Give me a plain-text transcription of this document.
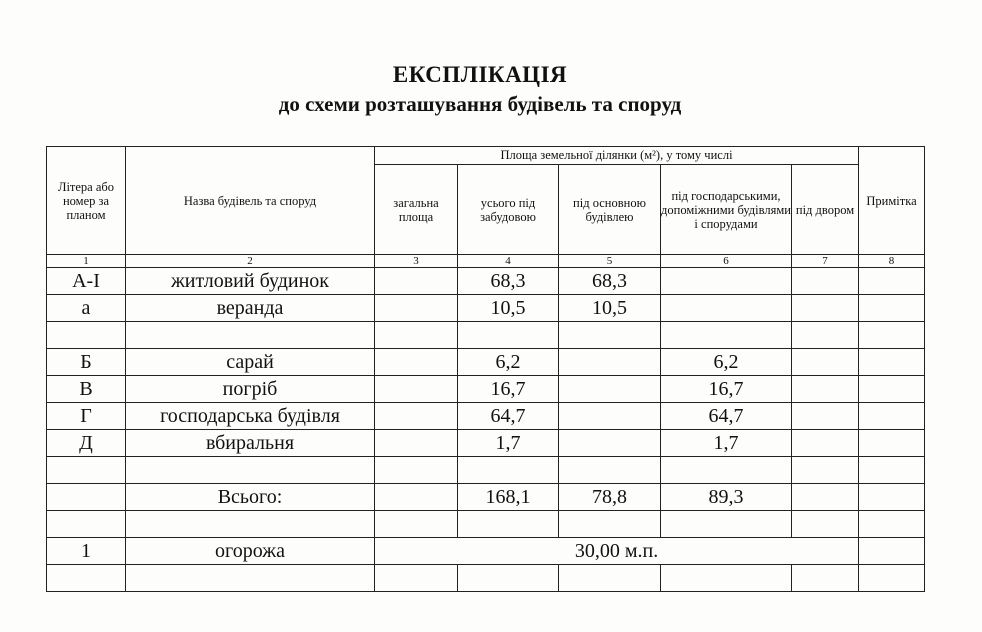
ЕКСПЛІКАЦІЯ
до схеми розташування будівель та споруд
Літера або номер за планом	Назва будівель та споруд	Площа земельної ділянки (м²), у тому числі					Примітка
		загальна площа	усього під забудовою	під основною будівлею	під господарськими, допоміжними будівлями і спорудами	під двором	
1	2	3	4	5	6	7	8
А-І	житловий будинок		68,3	68,3			
а	веранда		10,5	10,5			

Б	сарай		6,2		6,2		
В	погріб		16,7		16,7		
Г	господарська будівля		64,7		64,7		
Д	вбиральня		1,7		1,7		

	Всього:		168,1	78,8	89,3		

1	огорожа	30,00 м.п.					
